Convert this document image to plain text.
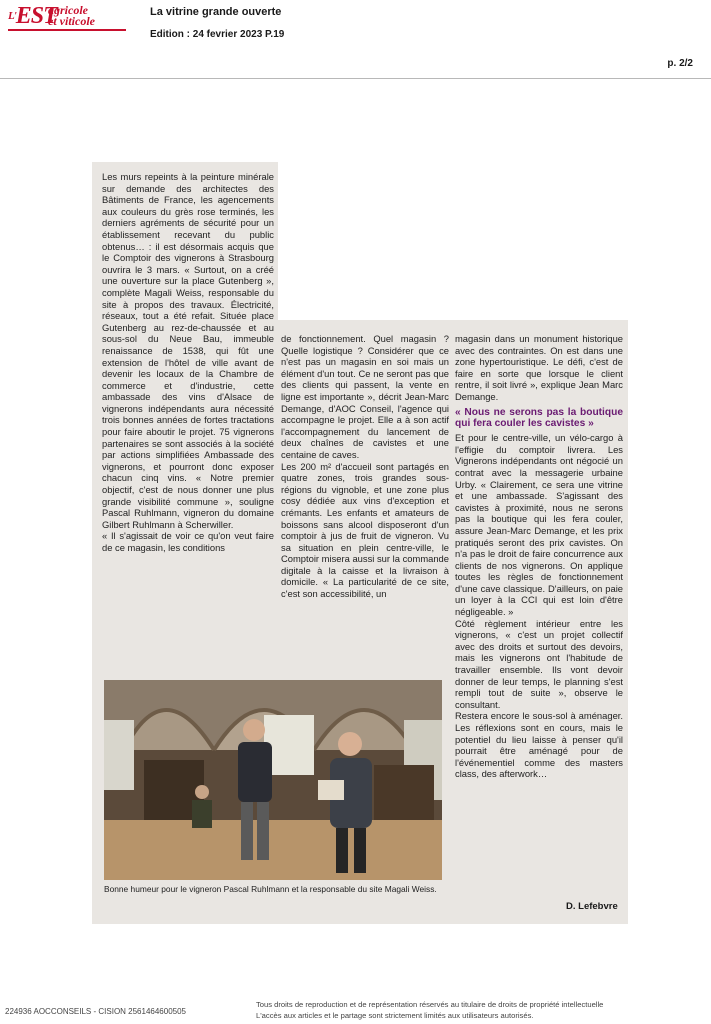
$^{L'}$EST
agricole
et viticole
La vitrine grande ouverte
Edition : 24 fevrier 2023 P.19
p. 2/2

Les murs repeints à la peinture minérale sur demande des architectes des Bâtiments de France, les agencements aux couleurs du grès rose terminés, les derniers agréments de sécurité pour un établissement recevant du public obtenus… : il est désormais acquis que le Comptoir des vignerons à Strasbourg ouvrira le 3 mars. « Surtout, on a créé une ouverture sur la place Gutenberg », complète Magali Weiss, responsable du site à propos des travaux. Électricité, réseaux, tout a été refait. Située place Gutenberg au rez-de-chaussée et au sous-sol du Neue Bau, immeuble renaissance de 1538, qui fût une extension de l'hôtel de ville avant de devenir les locaux de la Chambre de commerce et d'industrie, cette ambassade des vins d'Alsace de vignerons indépendants aura nécessité trois bonnes années de fortes tractations pour faire aboutir le projet. 75 vignerons partenaires se sont associés à la société par actions simplifiées Ambassade des vignerons, et pourront donc exposer chacun cinq vins. « Notre premier objectif, c'est de nous donner une plus grande visibilité commune », souligne Pascal Ruhlmann, vigneron du domaine Gilbert Ruhlmann à Scherwiller.

« Il s'agissait de voir ce qu'on veut faire de ce magasin, les conditions

de fonctionnement. Quel magasin ? Quelle logistique ? Considérer que ce n'est pas un magasin en soi mais un élément d'un tout. Ce ne seront pas que des clients qui passent, la vente en ligne est importante », décrit Jean-Marc Demange, d'AOC Conseil, l'agence qui accompagne le projet. Elle a à son actif l'accompagnement du lancement de deux chaînes de cavistes et une centaine de caves.

Les 200 m² d'accueil sont partagés en quatre zones, trois grandes sous-régions du vignoble, et une zone plus cosy dédiée aux vins d'exception et crémants. Les enfants et amateurs de boissons sans alcool disposeront d'un comptoir à jus de fruit de vigneron. Vu sa situation en plein centre-ville, le Comptoir misera aussi sur la commande digitale à la caisse et la livraison à domicile. « La particularité de ce site, c'est son accessibilité, un

magasin dans un monument historique avec des contraintes. On est dans une zone hypertouristique. Le défi, c'est de faire en sorte que lorsque le client rentre, il soit livré », explique Jean Marc Demange.

« Nous ne serons pas la boutique qui fera couler les cavistes »

Et pour le centre-ville, un vélo-cargo à l'effigie du comptoir livrera. Les Vignerons indépendants ont négocié un contrat avec la messagerie urbaine Urby. « Clairement, ce sera une vitrine et une ambassade. S'agissant des cavistes à proximité, nous ne serons pas la boutique qui les fera couler, assure Jean-Marc Demange, et les prix pratiqués seront des prix cavistes. On n'a pas le droit de faire concurrence aux clients de nos vignerons. On applique toutes les règles de fonctionnement d'une cave classique. D'ailleurs, on paie un loyer à la CCI qui est loin d'être négligeable. »

Côté règlement intérieur entre les vignerons, « c'est un projet collectif avec des droits et surtout des devoirs, mais les vignerons ont l'habitude de travailler ensemble. Ils vont devoir donner de leur temps, le planning s'est rempli tout de suite », observe le consultant.

Restera encore le sous-sol à aménager. Les réflexions sont en cours, mais le potentiel du lieu laisse à penser qu'il pourrait être aménagé pour de l'événementiel comme des masters class, des afterwork…

Bonne humeur pour le vigneron Pascal Ruhlmann et la responsable du site Magali Weiss.
D. Lefebvre
224936 AOCCONSEILS - CISION 2561464600505
Tous droits de reproduction et de représentation réservés au titulaire de droits de propriété intellectuelle
L'accès aux articles et le partage sont strictement limités aux utilisateurs autorisés.
